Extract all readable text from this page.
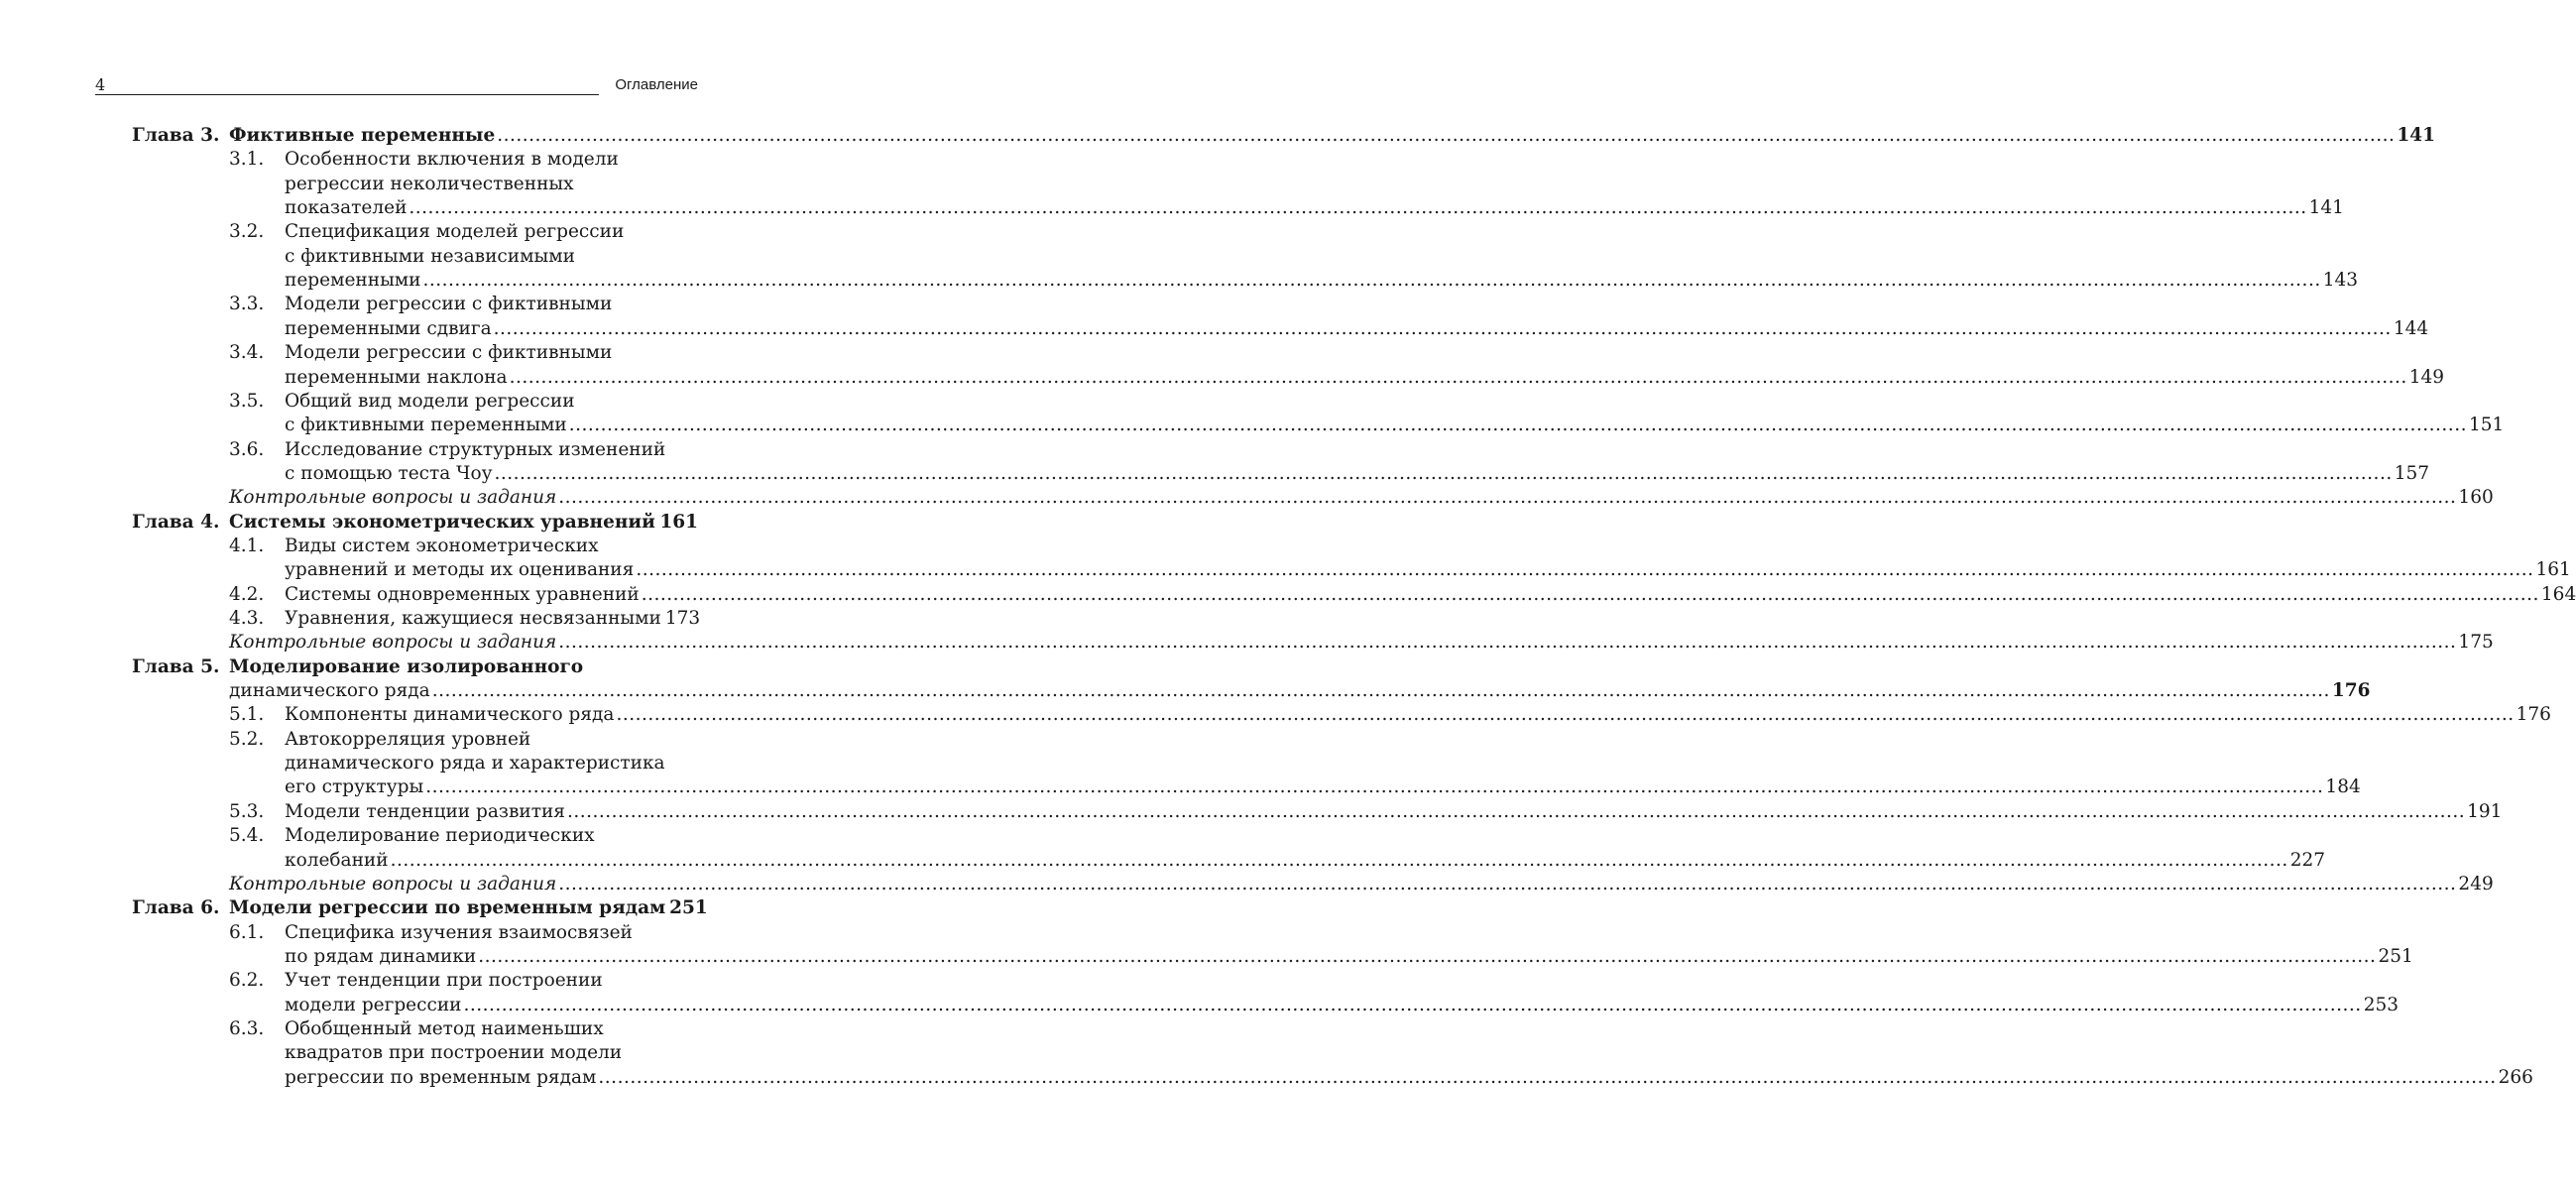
4	Оглавление
Глава 3. Фиктивные переменные ............................................................................................................................................................................................................................................................................................................ 141
3.1. Особенности включения в модели
регрессии неколичественных
показателей ............................................................................................................................................................................................................................................................................................................ 141
3.2. Спецификация моделей регрессии
с фиктивными независимыми
переменными ............................................................................................................................................................................................................................................................................................................ 143
3.3. Модели регрессии с фиктивными
переменными сдвига ............................................................................................................................................................................................................................................................................................................ 144
3.4. Модели регрессии с фиктивными
переменными наклона ............................................................................................................................................................................................................................................................................................................ 149
3.5. Общий вид модели регрессии
с фиктивными переменными ............................................................................................................................................................................................................................................................................................................ 151
3.6. Исследование структурных изменений
с помощью теста Чоу ............................................................................................................................................................................................................................................................................................................ 157
Контрольные вопросы и задания ............................................................................................................................................................................................................................................................................................................ 160
Глава 4. Системы эконометрических уравнений 161
4.1. Виды систем эконометрических
уравнений и методы их оценивания ............................................................................................................................................................................................................................................................................................................ 161
4.2. Системы одновременных уравнений ............................................................................................................................................................................................................................................................................................................ 164
4.3. Уравнения, кажущиеся несвязанными 173
Контрольные вопросы и задания ............................................................................................................................................................................................................................................................................................................ 175
Глава 5. Моделирование изолированного
динамического ряда ............................................................................................................................................................................................................................................................................................................ 176
5.1. Компоненты динамического ряда ............................................................................................................................................................................................................................................................................................................ 176
5.2. Автокорреляция уровней
динамического ряда и характеристика
его структуры ............................................................................................................................................................................................................................................................................................................ 184
5.3. Модели тенденции развития ............................................................................................................................................................................................................................................................................................................ 191
5.4. Моделирование периодических
колебаний ............................................................................................................................................................................................................................................................................................................ 227
Контрольные вопросы и задания ............................................................................................................................................................................................................................................................................................................ 249
Глава 6. Модели регрессии по временным рядам 251
6.1. Специфика изучения взаимосвязей
по рядам динамики ............................................................................................................................................................................................................................................................................................................ 251
6.2. Учет тенденции при построении
модели регрессии ............................................................................................................................................................................................................................................................................................................ 253
6.3. Обобщенный метод наименьших
квадратов при построении модели
регрессии по временным рядам ............................................................................................................................................................................................................................................................................................................ 266
